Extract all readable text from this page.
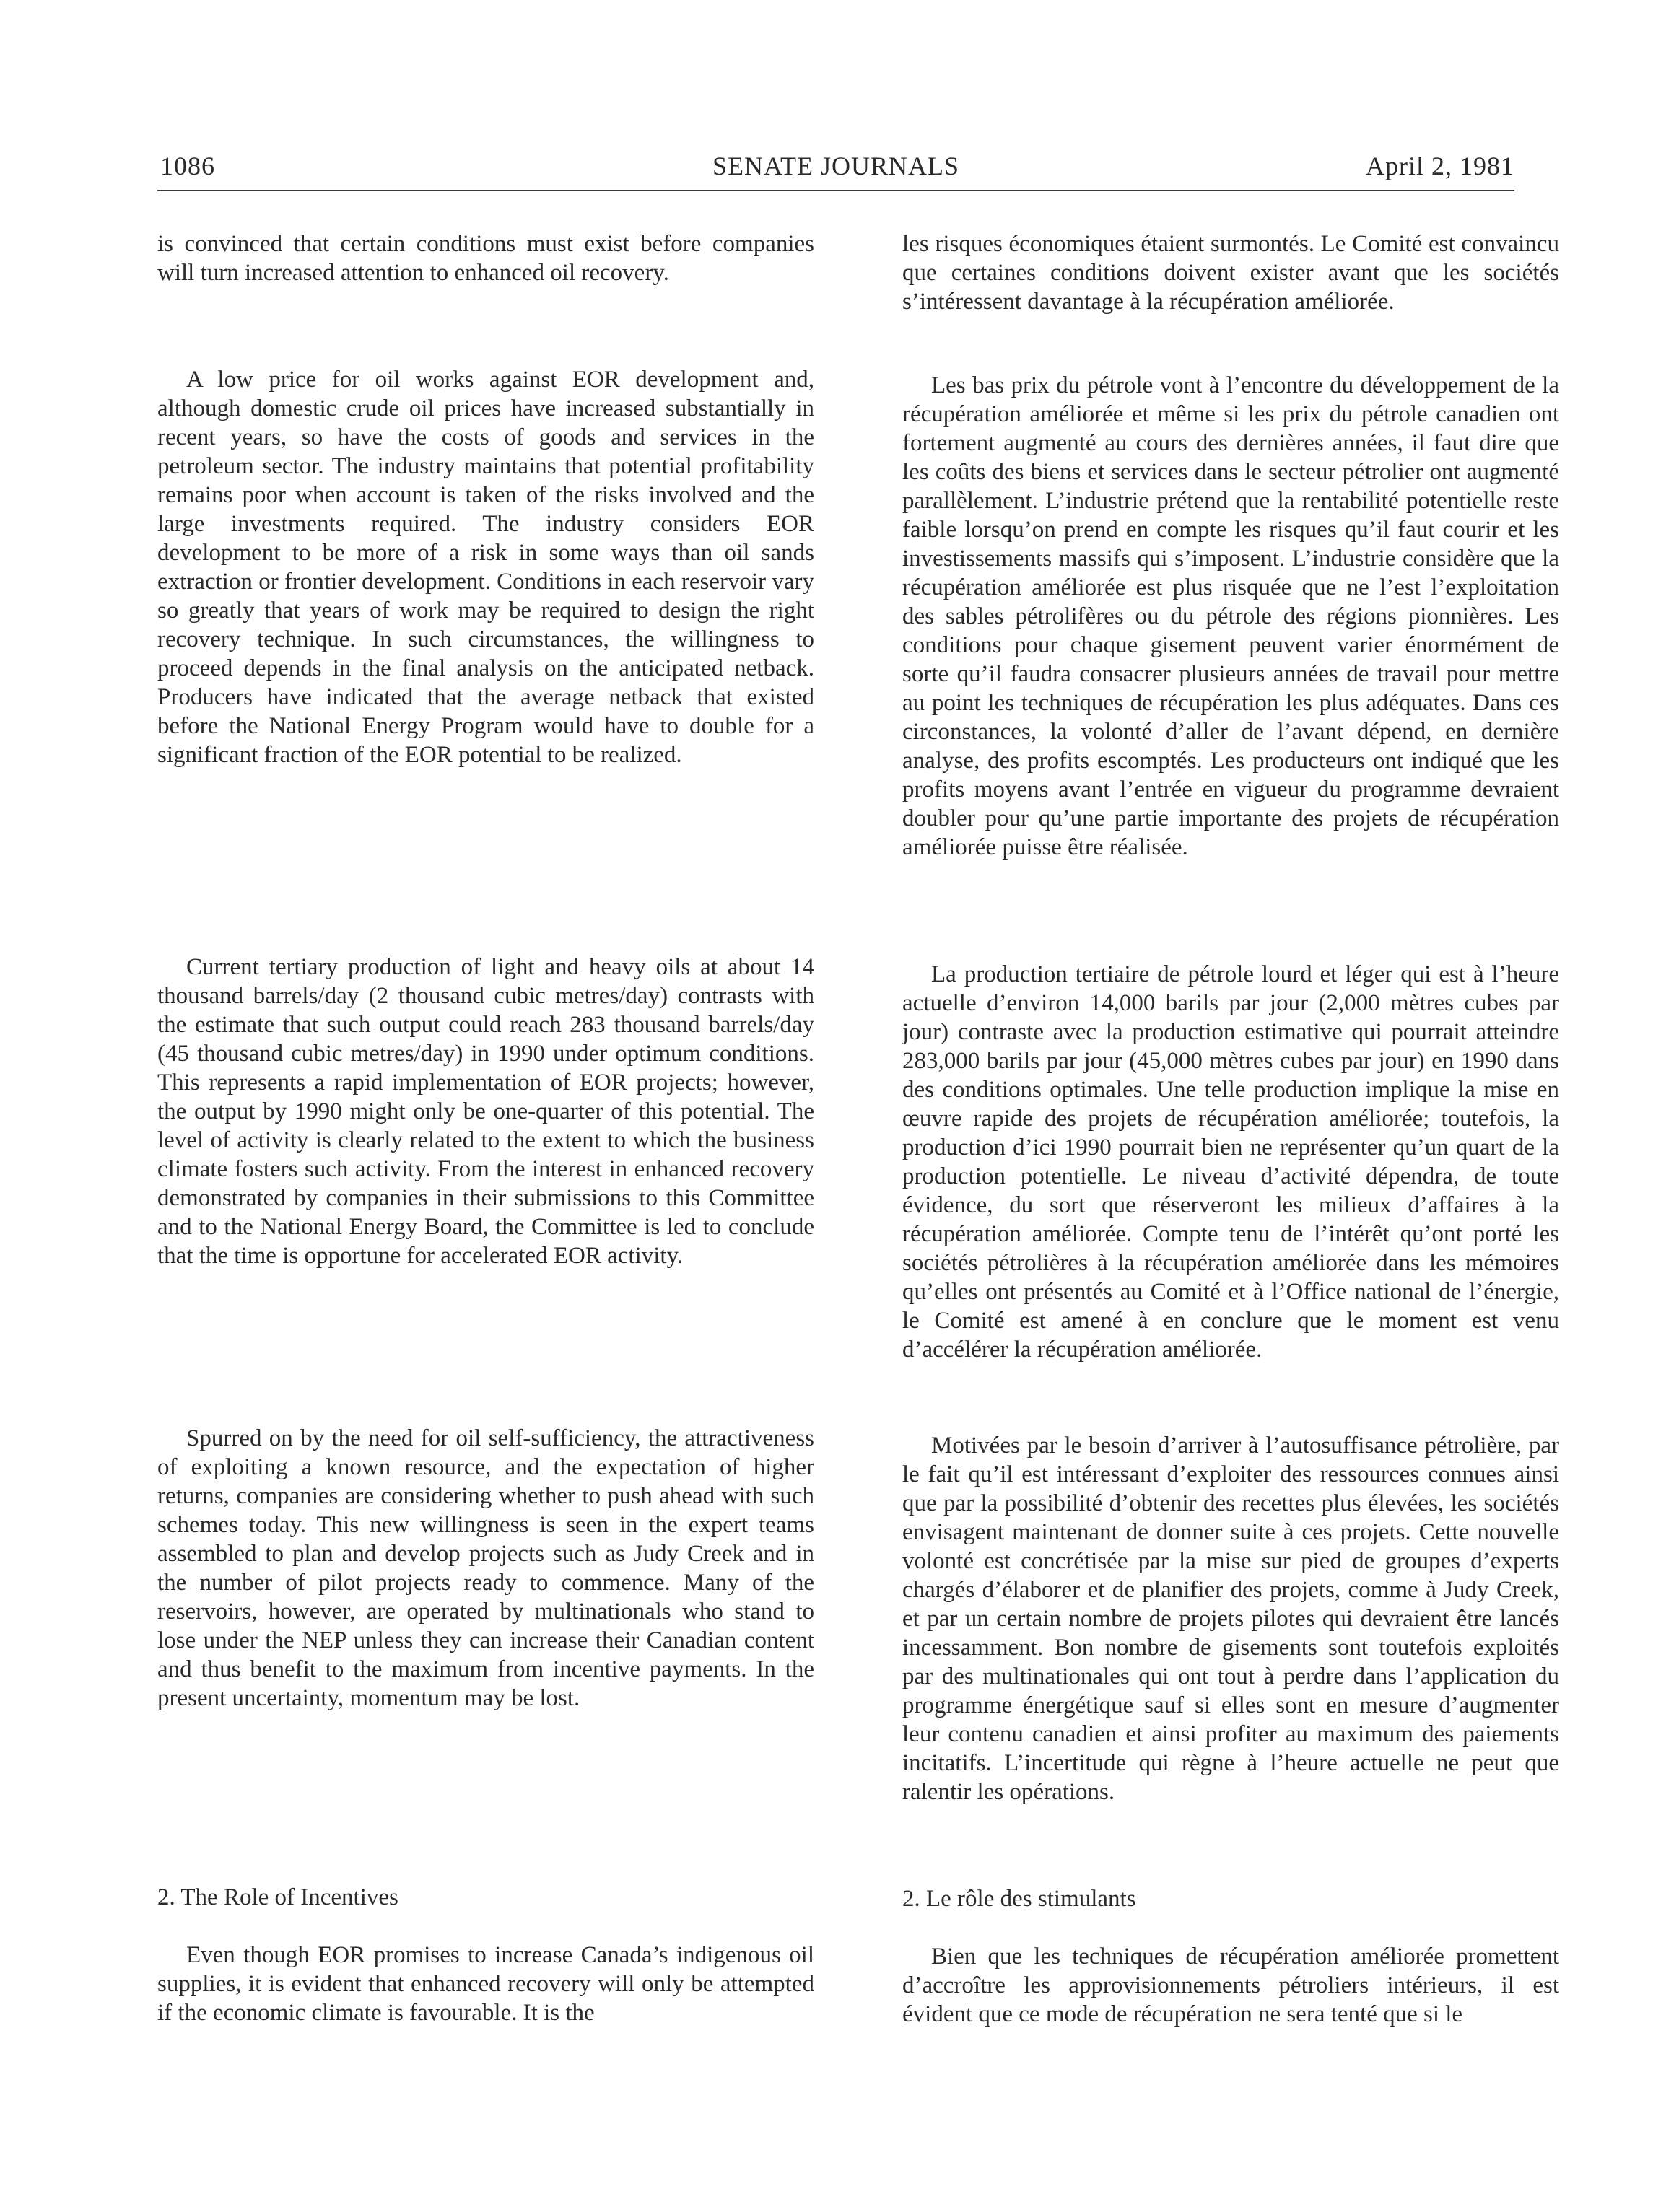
1086	SENATE JOURNALS	April 2, 1981

is convinced that certain conditions must exist before companies will turn increased attention to enhanced oil recovery.

A low price for oil works against EOR development and, although domestic crude oil prices have increased substantially in recent years, so have the costs of goods and services in the petroleum sector. The industry maintains that potential profitability remains poor when account is taken of the risks involved and the large investments required. The industry considers EOR development to be more of a risk in some ways than oil sands extraction or frontier development. Conditions in each reservoir vary so greatly that years of work may be required to design the right recovery technique. In such circumstances, the willingness to proceed depends in the final analysis on the anticipated netback. Producers have indicated that the average netback that existed before the National Energy Program would have to double for a significant fraction of the EOR potential to be realized.

Current tertiary production of light and heavy oils at about 14 thousand barrels/day (2 thousand cubic metres/day) contrasts with the estimate that such output could reach 283 thousand barrels/day (45 thousand cubic metres/day) in 1990 under optimum conditions. This represents a rapid implementation of EOR projects; however, the output by 1990 might only be one-quarter of this potential. The level of activity is clearly related to the extent to which the business climate fosters such activity. From the interest in enhanced recovery demonstrated by companies in their submissions to this Committee and to the National Energy Board, the Committee is led to conclude that the time is opportune for accelerated EOR activity.

Spurred on by the need for oil self-sufficiency, the attractiveness of exploiting a known resource, and the expectation of higher returns, companies are considering whether to push ahead with such schemes today. This new willingness is seen in the expert teams assembled to plan and develop projects such as Judy Creek and in the number of pilot projects ready to commence. Many of the reservoirs, however, are operated by multinationals who stand to lose under the NEP unless they can increase their Canadian content and thus benefit to the maximum from incentive payments. In the present uncertainty, momentum may be lost.

2. The Role of Incentives

Even though EOR promises to increase Canada’s indigenous oil supplies, it is evident that enhanced recovery will only be attempted if the economic climate is favourable. It is the

les risques économiques étaient surmontés. Le Comité est convaincu que certaines conditions doivent exister avant que les sociétés s’intéressent davantage à la récupération améliorée.

Les bas prix du pétrole vont à l’encontre du développement de la récupération améliorée et même si les prix du pétrole canadien ont fortement augmenté au cours des dernières années, il faut dire que les coûts des biens et services dans le secteur pétrolier ont augmenté parallèlement. L’industrie prétend que la rentabilité potentielle reste faible lorsqu’on prend en compte les risques qu’il faut courir et les investissements massifs qui s’imposent. L’industrie considère que la récupération améliorée est plus risquée que ne l’est l’exploitation des sables pétrolifères ou du pétrole des régions pionnières. Les conditions pour chaque gisement peuvent varier énormément de sorte qu’il faudra consacrer plusieurs années de travail pour mettre au point les techniques de récupération les plus adéquates. Dans ces circonstances, la volonté d’aller de l’avant dépend, en dernière analyse, des profits escomptés. Les producteurs ont indiqué que les profits moyens avant l’entrée en vigueur du programme devraient doubler pour qu’une partie importante des projets de récupération améliorée puisse être réalisée.

La production tertiaire de pétrole lourd et léger qui est à l’heure actuelle d’environ 14,000 barils par jour (2,000 mètres cubes par jour) contraste avec la production estimative qui pourrait atteindre 283,000 barils par jour (45,000 mètres cubes par jour) en 1990 dans des conditions optimales. Une telle production implique la mise en œuvre rapide des projets de récupération améliorée; toutefois, la production d’ici 1990 pourrait bien ne représenter qu’un quart de la production potentielle. Le niveau d’activité dépendra, de toute évidence, du sort que réserveront les milieux d’affaires à la récupération améliorée. Compte tenu de l’intérêt qu’ont porté les sociétés pétrolières à la récupération améliorée dans les mémoires qu’elles ont présentés au Comité et à l’Office national de l’énergie, le Comité est amené à en conclure que le moment est venu d’accélérer la récupération améliorée.

Motivées par le besoin d’arriver à l’autosuffisance pétrolière, par le fait qu’il est intéressant d’exploiter des ressources connues ainsi que par la possibilité d’obtenir des recettes plus élevées, les sociétés envisagent maintenant de donner suite à ces projets. Cette nouvelle volonté est concrétisée par la mise sur pied de groupes d’experts chargés d’élaborer et de planifier des projets, comme à Judy Creek, et par un certain nombre de projets pilotes qui devraient être lancés incessamment. Bon nombre de gisements sont toutefois exploités par des multinationales qui ont tout à perdre dans l’application du programme énergétique sauf si elles sont en mesure d’augmenter leur contenu canadien et ainsi profiter au maximum des paiements incitatifs. L’incertitude qui règne à l’heure actuelle ne peut que ralentir les opérations.

2. Le rôle des stimulants

Bien que les techniques de récupération améliorée promettent d’accroître les approvisionnements pétroliers intérieurs, il est évident que ce mode de récupération ne sera tenté que si le
